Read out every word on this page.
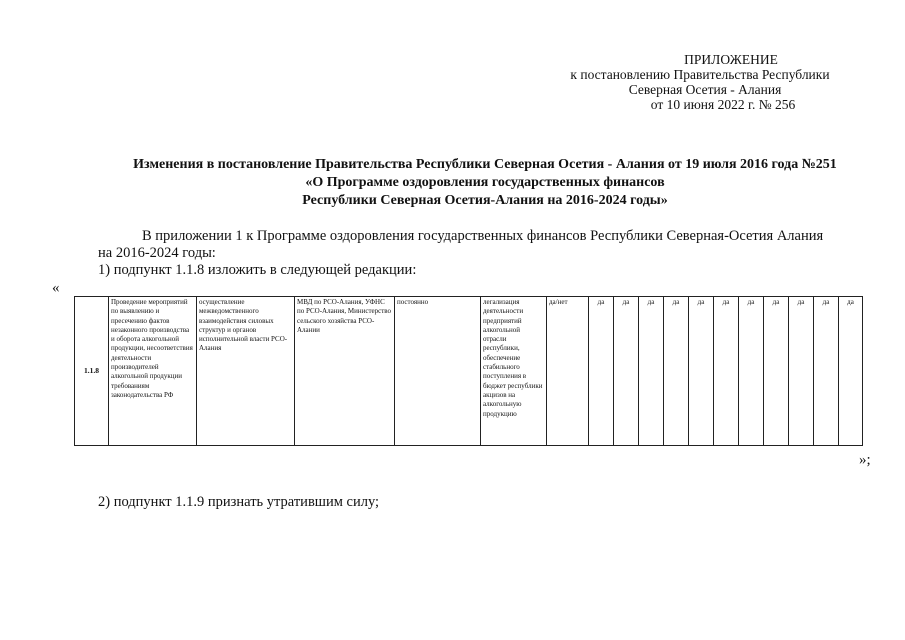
ПРИЛОЖЕНИЕ
к постановлению Правительства Республики
Северная Осетия - Алания
от 10 июня 2022 г. № 256
Изменения в постановление Правительства Республики Северная Осетия - Алания от 19 июля 2016 года №251
«О Программе оздоровления государственных финансов
Республики Северная Осетия-Алания на 2016-2024 годы»
В приложении 1 к Программе оздоровления государственных финансов Республики Северная-Осетия Алания
на 2016-2024 годы:
1) подпункт 1.1.8 изложить в следующей редакции:
«
1.1.8	Проведение мероприятий по выявлению и пресечению фактов незаконного производства и оборота алкогольной продукции, несоответствия деятельности производителей алкогольной продукции требованиям законодательства РФ	осуществление межведомственного взаимодействия силовых структур и органов исполнительной власти РСО-Алания	МВД по РСО-Алания, УФНС по РСО-Алания, Министерство сельского хозяйства РСО-Алании	постоянно	легализация деятельности предприятий алкогольной отрасли республики, обеспечение стабильного поступления в бюджет республики акцизов на алкогольную продукцию	да/нет	да	да	да	да	да	да	да	да	да	да	да
»;
2) подпункт 1.1.9 признать утратившим силу;
